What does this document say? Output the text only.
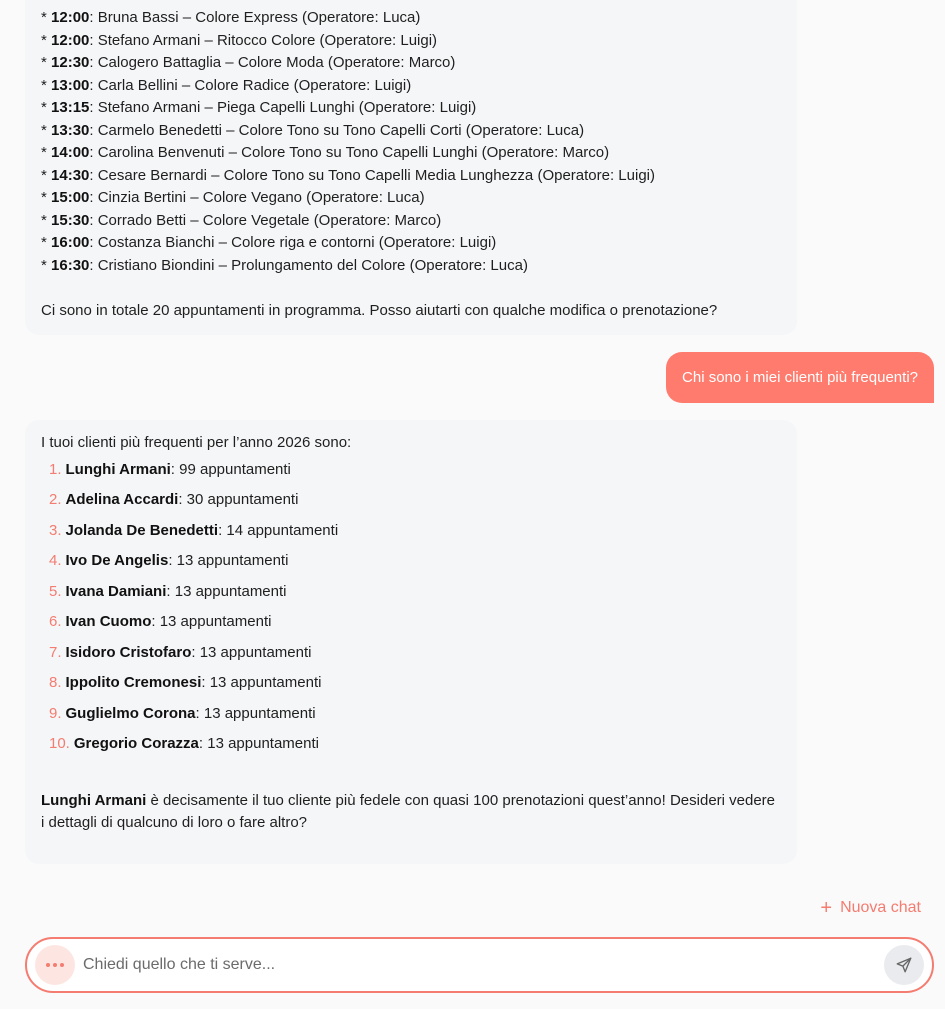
* 12:00: Bruna Bassi – Colore Express (Operatore: Luca)
* 12:00: Stefano Armani – Ritocco Colore (Operatore: Luigi)
* 12:30: Calogero Battaglia – Colore Moda (Operatore: Marco)
* 13:00: Carla Bellini – Colore Radice (Operatore: Luigi)
* 13:15: Stefano Armani – Piega Capelli Lunghi (Operatore: Luigi)
* 13:30: Carmelo Benedetti – Colore Tono su Tono Capelli Corti (Operatore: Luca)
* 14:00: Carolina Benvenuti – Colore Tono su Tono Capelli Lunghi (Operatore: Marco)
* 14:30: Cesare Bernardi – Colore Tono su Tono Capelli Media Lunghezza (Operatore: Luigi)
* 15:00: Cinzia Bertini – Colore Vegano (Operatore: Luca)
* 15:30: Corrado Betti – Colore Vegetale (Operatore: Marco)
* 16:00: Costanza Bianchi – Colore riga e contorni (Operatore: Luigi)
* 16:30: Cristiano Biondini – Prolungamento del Colore (Operatore: Luca)
Ci sono in totale 20 appuntamenti in programma. Posso aiutarti con qualche modifica o prenotazione?
Chi sono i miei clienti più frequenti?
I tuoi clienti più frequenti per l’anno 2026 sono:
1. Lunghi Armani: 99 appuntamenti
2. Adelina Accardi: 30 appuntamenti
3. Jolanda De Benedetti: 14 appuntamenti
4. Ivo De Angelis: 13 appuntamenti
5. Ivana Damiani: 13 appuntamenti
6. Ivan Cuomo: 13 appuntamenti
7. Isidoro Cristofaro: 13 appuntamenti
8. Ippolito Cremonesi: 13 appuntamenti
9. Guglielmo Corona: 13 appuntamenti
10. Gregorio Corazza: 13 appuntamenti
Lunghi Armani è decisamente il tuo cliente più fedele con quasi 100 prenotazioni quest’anno! Desideri vedere i dettagli di qualcuno di loro o fare altro?
+ Nuova chat
Chiedi quello che ti serve...
